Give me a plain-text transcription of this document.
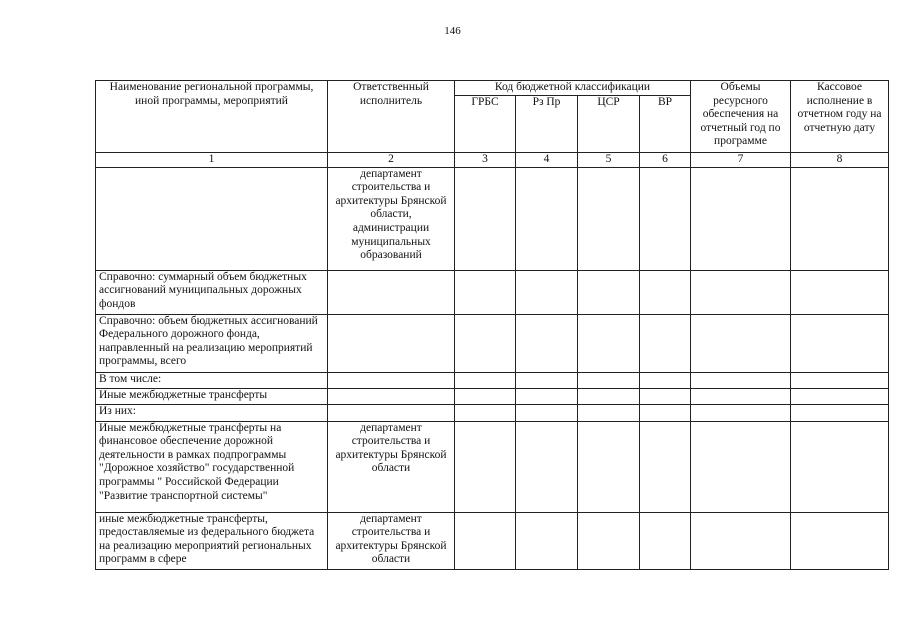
146
Наименование региональной программы, иной программы, мероприятий	Ответственный исполнитель	Код бюджетной классификации				Объемы ресурсного обеспечения на отчетный год по программе	Кассовое исполнение в отчетном году на отчетную дату
		ГРБС	Рз Пр	ЦСР	ВР		
1	2	3	4	5	6	7	8
	департамент строительства и архитектуры Брянской области, администрации муниципальных образований						
Справочно: суммарный объем бюджетных ассигнований муниципальных дорожных фондов							
Справочно: объем бюджетных ассигнований Федерального дорожного фонда, направленный на реализацию мероприятий программы, всего							
В том числе:							
Иные межбюджетные трансферты							
Из них:							
Иные межбюджетные трансферты на финансовое обеспечение дорожной деятельности в рамках подпрограммы "Дорожное хозяйство" государственной программы " Российской Федерации "Развитие транспортной системы"	департамент строительства и архитектуры Брянской области						
иные межбюджетные трансферты, предоставляемые из федерального бюджета на реализацию мероприятий региональных программ в сфере	департамент строительства и архитектуры Брянской области						
